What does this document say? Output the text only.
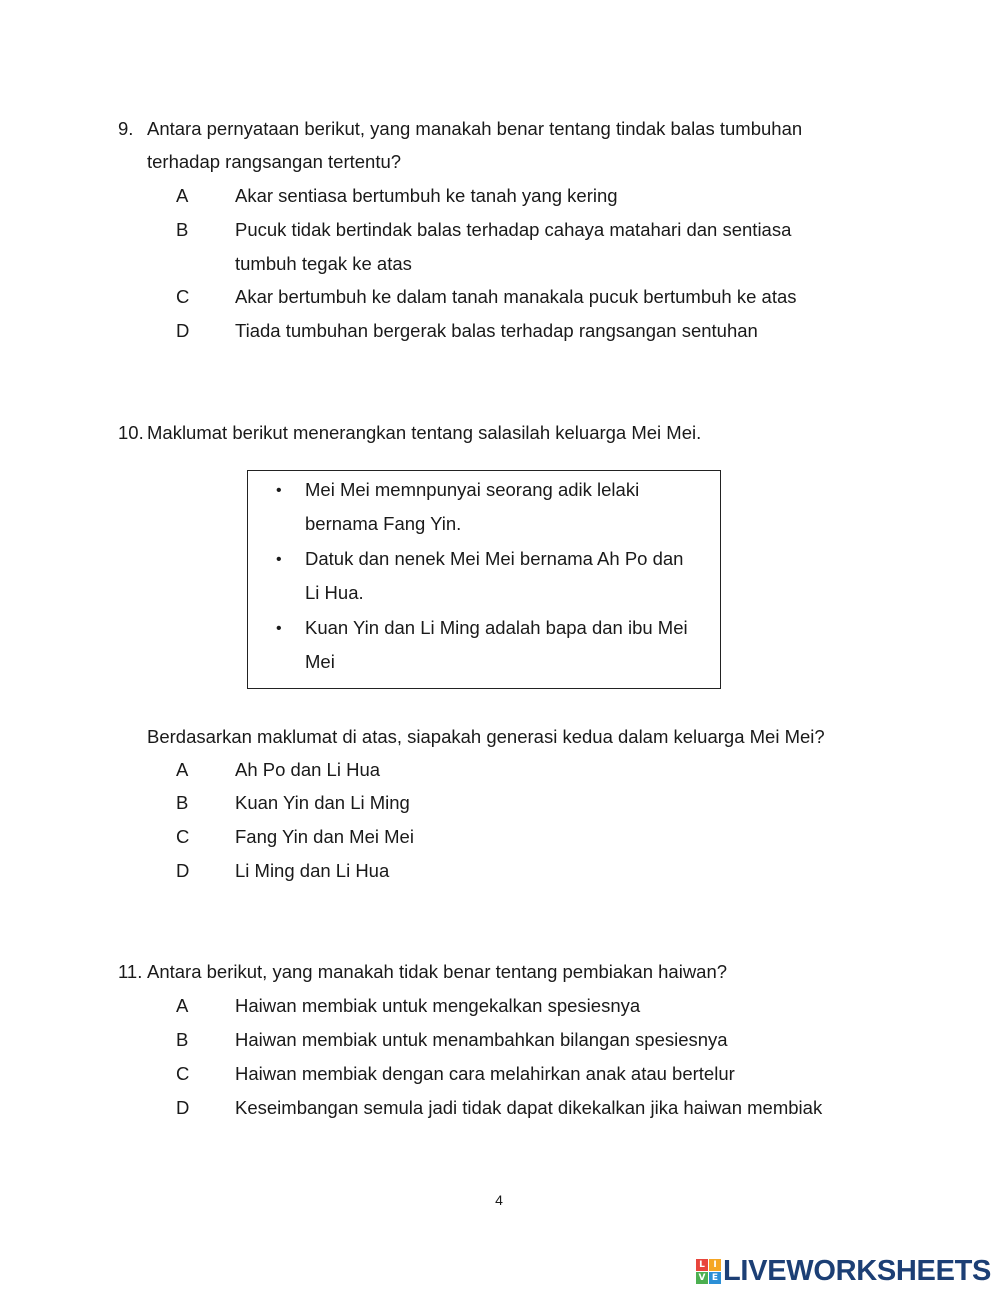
9. Antara pernyataan berikut, yang manakah benar tentang tindak balas tumbuhan
terhadap rangsangan tertentu?
A	Akar sentiasa bertumbuh ke tanah yang kering
B	Pucuk tidak bertindak balas terhadap cahaya matahari dan sentiasa
tumbuh tegak ke atas
C Akar bertumbuh ke dalam tanah manakala pucuk bertumbuh ke atas
D Tiada tumbuhan bergerak balas terhadap rangsangan sentuhan
10. Maklumat berikut menerangkan tentang salasilah keluarga Mei Mei.
• Mei Mei memnpunyai seorang adik lelaki
bernama Fang Yin.
• Datuk dan nenek Mei Mei bernama Ah Po dan
Li Hua.
• Kuan Yin dan Li Ming adalah bapa dan ibu Mei
Mei
Berdasarkan maklumat di atas, siapakah generasi kedua dalam keluarga Mei Mei?
A	Ah Po dan Li Hua
B	Kuan Yin dan Li Ming
C Fang Yin dan Mei Mei
D Li Ming dan Li Hua
11. Antara berikut, yang manakah tidak benar tentang pembiakan haiwan?
A	Haiwan membiak untuk mengekalkan spesiesnya
B	Haiwan membiak untuk menambahkan bilangan spesiesnya
C Haiwan membiak dengan cara melahirkan anak atau bertelur
D Keseimbangan semula jadi tidak dapat dikekalkan jika haiwan membiak
4
L I
V E LIVEWORKSHEETS
